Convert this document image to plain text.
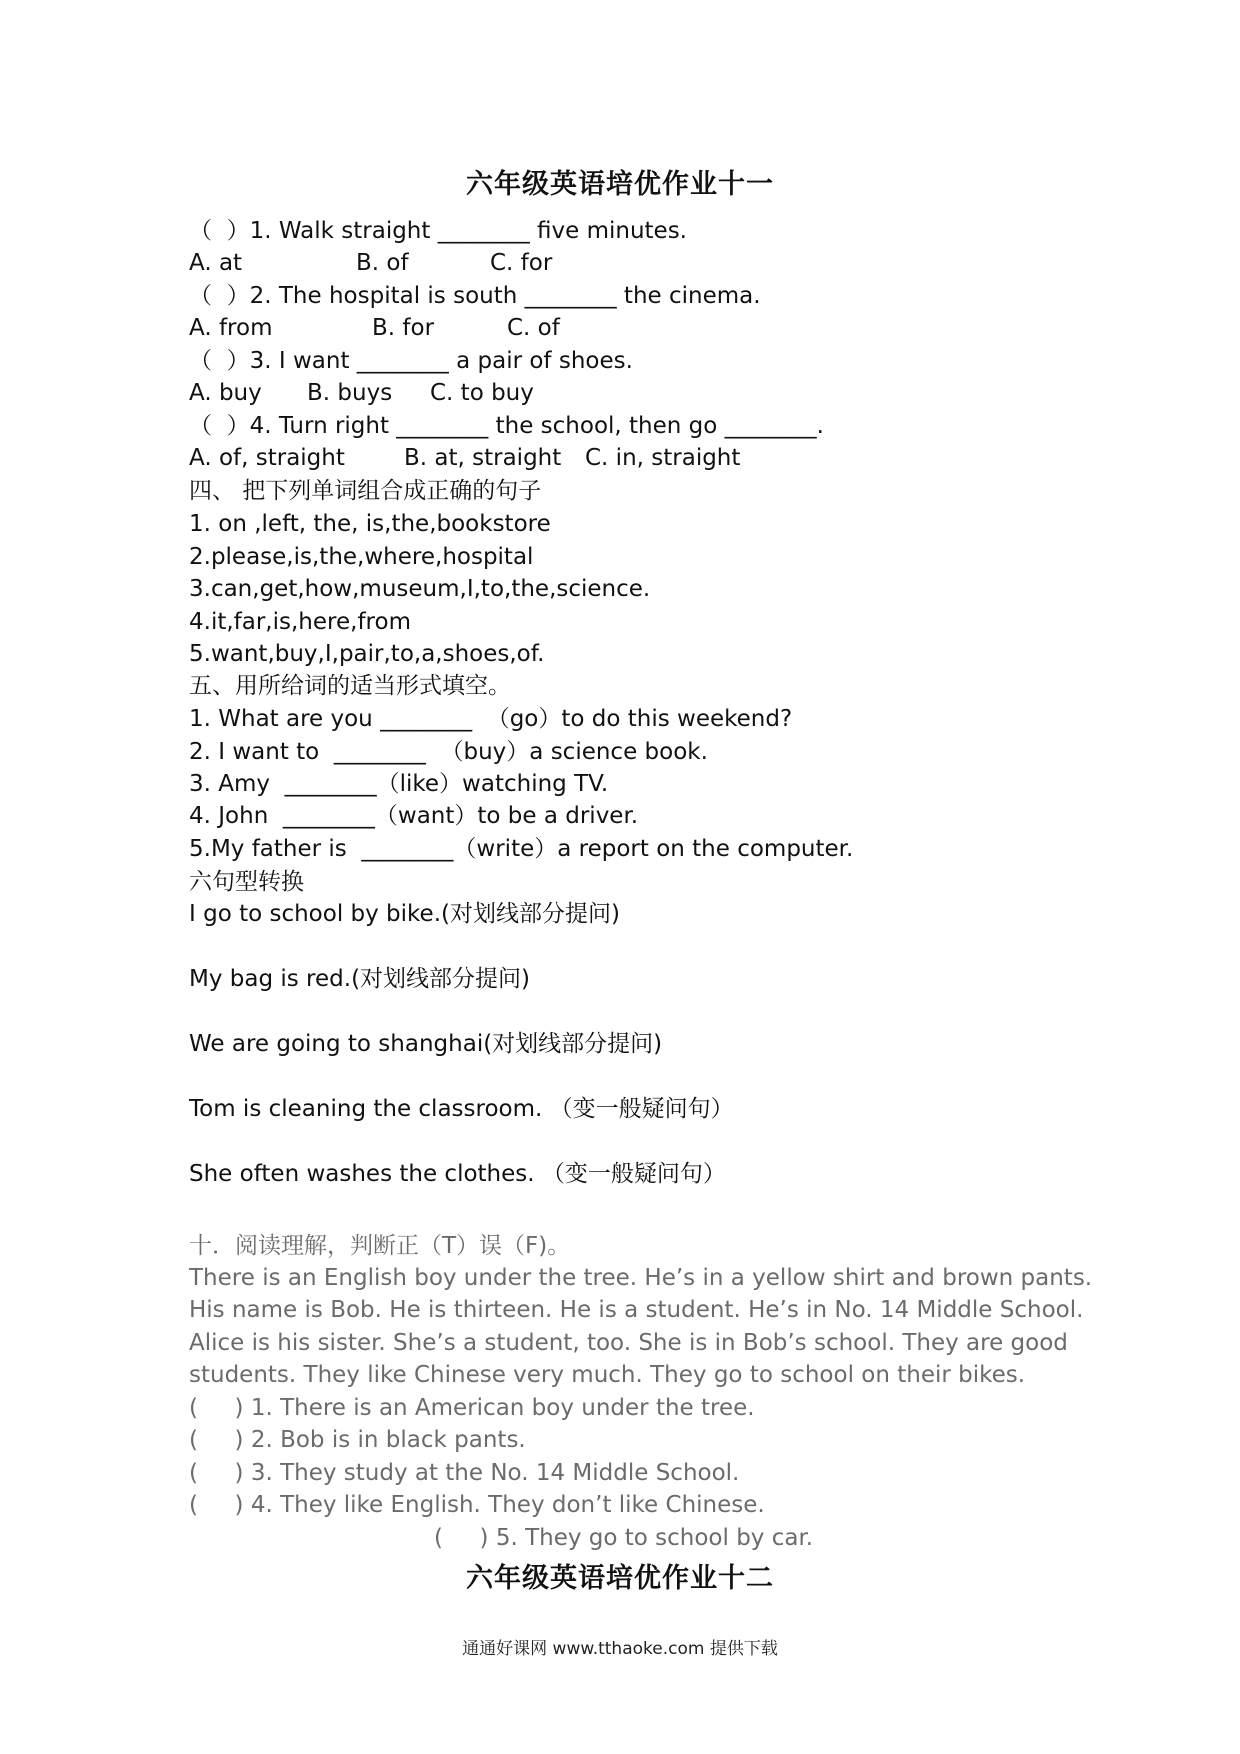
六年级英语培优作业十一
（  ）1. Walk straight ________ five minutes.
A. at	B. of	C. for
（  ）2. The hospital is south ________ the cinema.
A. from	B. for	C. of
（  ）3. I want ________ a pair of shoes.
A. buy B. buys C. to buy
（  ）4. Turn right ________ the school, then go ________.
A. of, straight	B. at, straight C. in, straight
四、 把下列单词组合成正确的句子
1. on ,left, the, is,the,bookstore
2.please,is,the,where,hospital
3.can,get,how,museum,I,to,the,science.
4.it,far,is,here,from
5.want,buy,I,pair,to,a,shoes,of.
五、用所给词的适当形式填空。
1. What are you ________  （go）to do this weekend?
2. I want to  ________  （buy）a science book.
3. Amy  ________（like）watching TV.
4. John  ________（want）to be a driver.
5.My father is  ________（write）a report on the computer.
六句型转换
I go to school by bike.(对划线部分提问)
My bag is red.(对划线部分提问)
We are going to shanghai(对划线部分提问)
Tom is cleaning the classroom. （变一般疑问句）
She often washes the clothes. （变一般疑问句）
十．阅读理解，判断正（T）误（F)。
There is an English boy under the tree. He’s in a yellow shirt and brown pants.
His name is Bob. He is thirteen. He is a student. He’s in No. 14 Middle School.
Alice is his sister. She’s a student, too. She is in Bob’s school. They are good
students. They like Chinese very much. They go to school on their bikes.
(     ) 1. There is an American boy under the tree.
(     ) 2. Bob is in black pants.
(     ) 3. They study at the No. 14 Middle School.
(     ) 4. They like English. They don’t like Chinese.
(     ) 5. They go to school by car.
六年级英语培优作业十二
通通好课网 www.tthaoke.com 提供下载
